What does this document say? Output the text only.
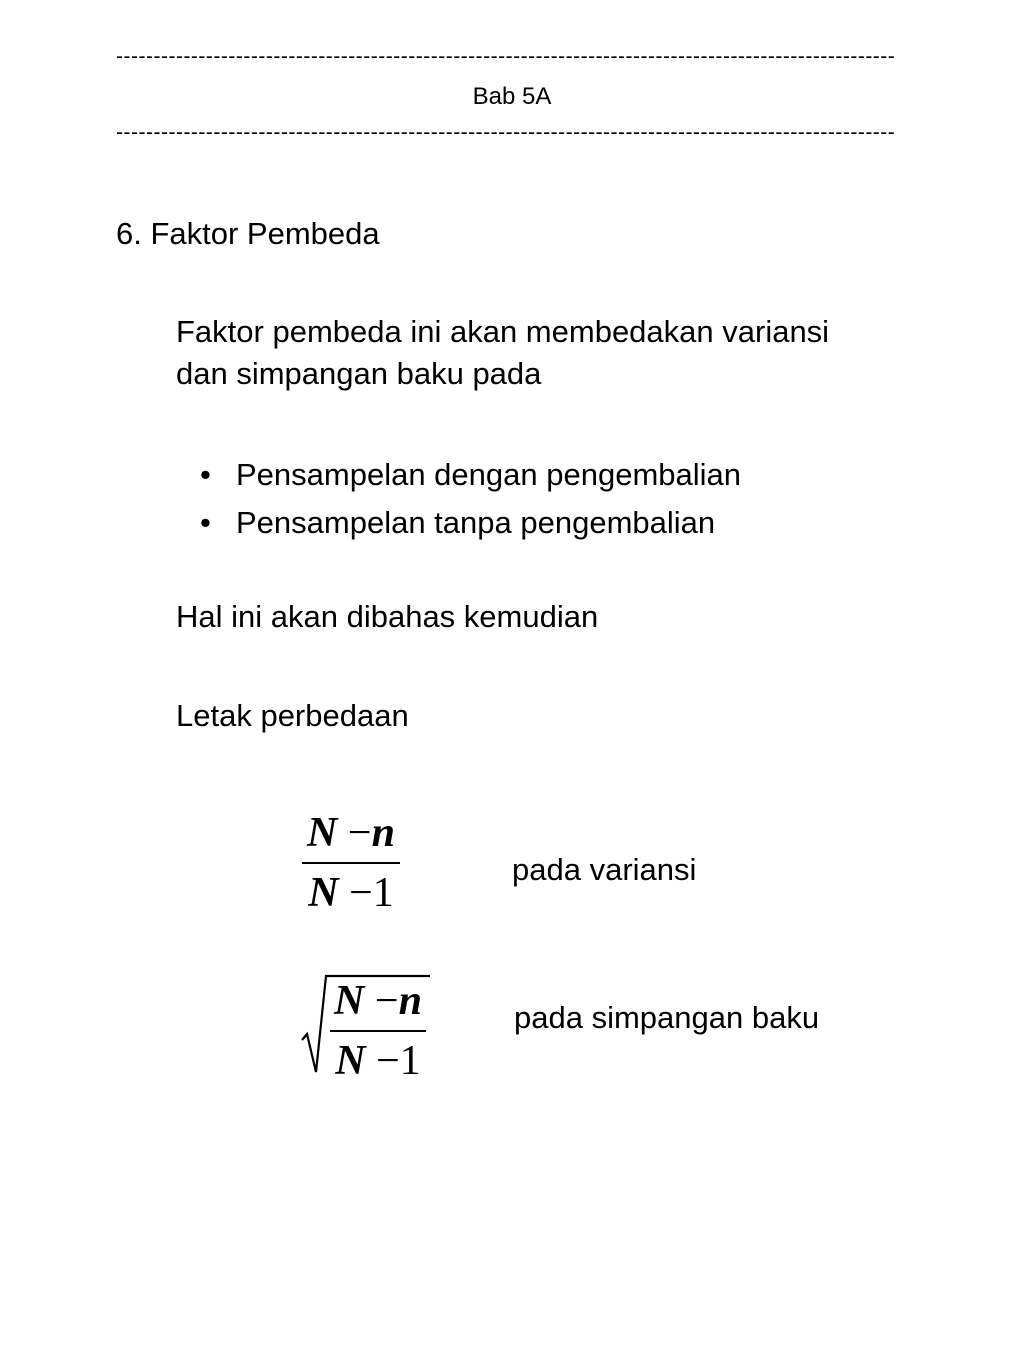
--------------------------------------------------------------------------------------------------------
Bab 5A
--------------------------------------------------------------------------------------------------------
6. Faktor Pembeda
Faktor pembeda ini akan membedakan variansi
dan simpangan baku pada
• Pensampelan dengan pengembalian
• Pensampelan tanpa pengembalian
Hal ini akan dibahas kemudian
Letak perbedaan
N −n
N −1
pada variansi
N −n
N −1
pada simpangan baku
